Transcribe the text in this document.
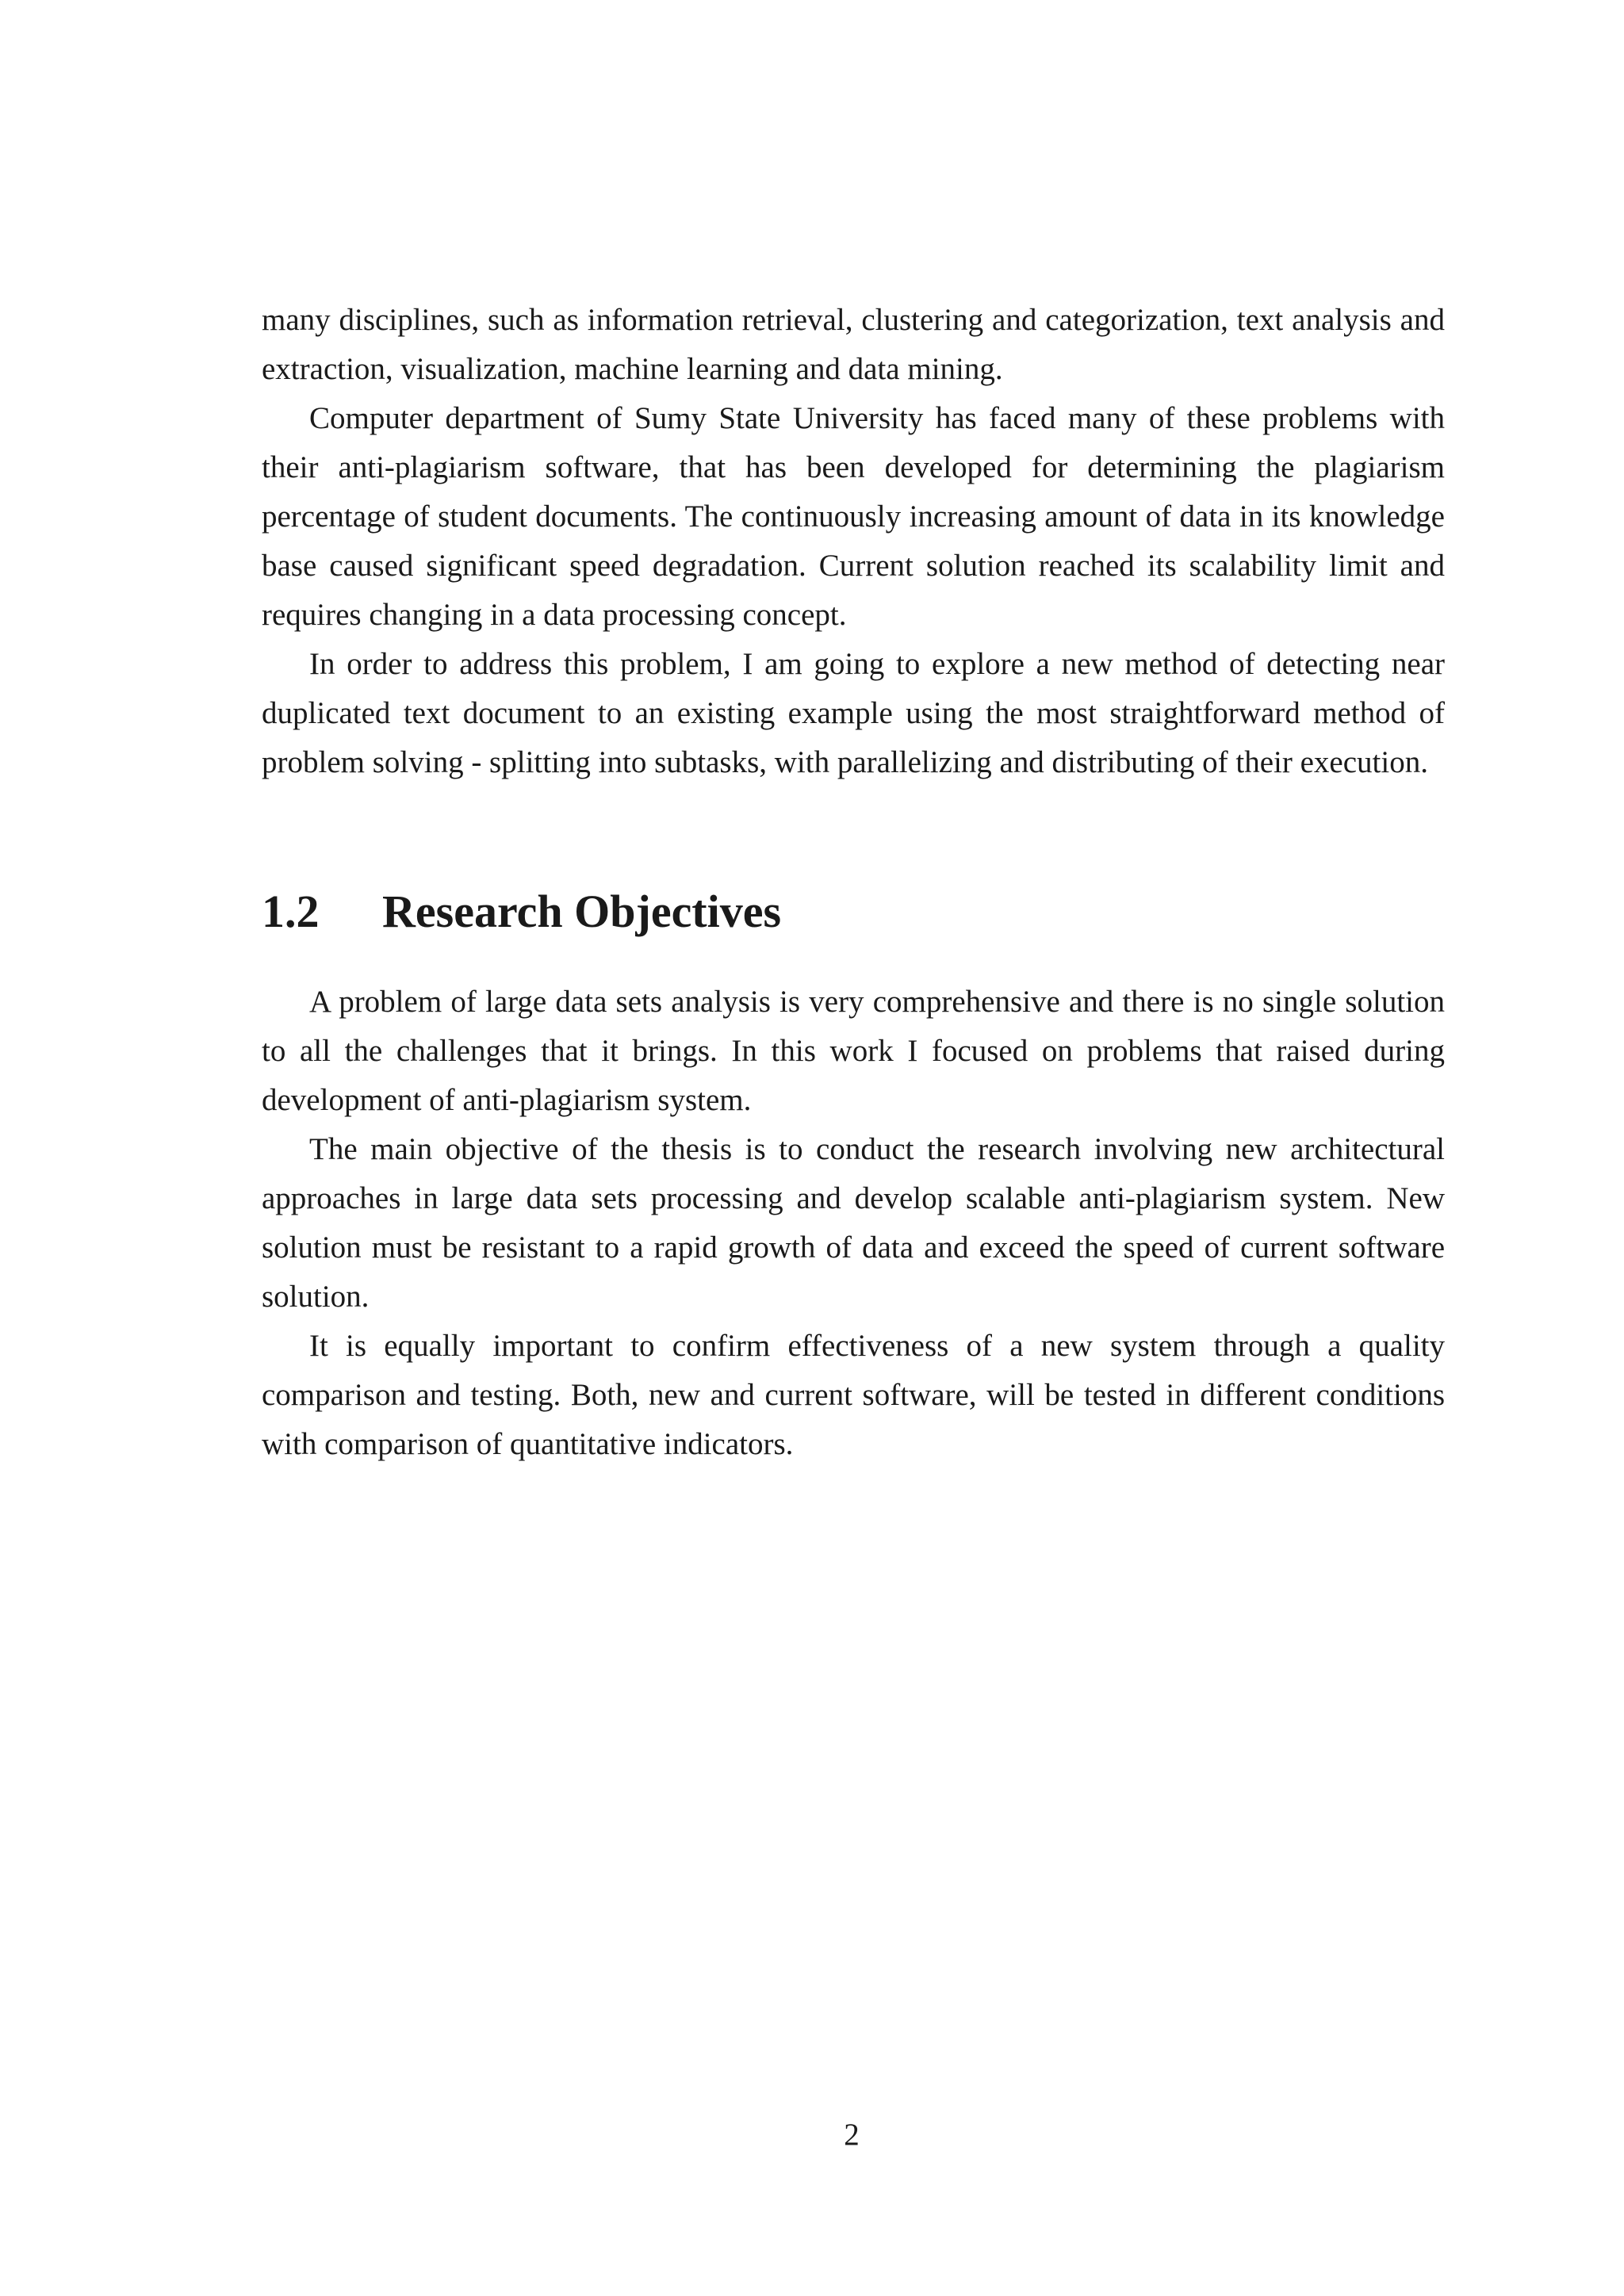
many disciplines, such as information retrieval, clustering and categorization, text analysis and extraction, visualization, machine learning and data mining.

Computer department of Sumy State University has faced many of these problems with their anti-plagiarism software, that has been developed for determining the plagiarism percentage of student documents. The continuously increasing amount of data in its knowledge base caused significant speed degradation. Current solution reached its scalability limit and requires changing in a data processing concept.

In order to address this problem, I am going to explore a new method of detecting near duplicated text document to an existing example using the most straightforward method of problem solving - splitting into subtasks, with parallelizing and distributing of their execution.

1.2 Research Objectives

A problem of large data sets analysis is very comprehensive and there is no single solution to all the challenges that it brings. In this work I focused on problems that raised during development of anti-plagiarism system.

The main objective of the thesis is to conduct the research involving new architectural approaches in large data sets processing and develop scalable anti-plagiarism system. New solution must be resistant to a rapid growth of data and exceed the speed of current software solution.

It is equally important to confirm effectiveness of a new system through a quality comparison and testing. Both, new and current software, will be tested in different conditions with comparison of quantitative indicators.

2
